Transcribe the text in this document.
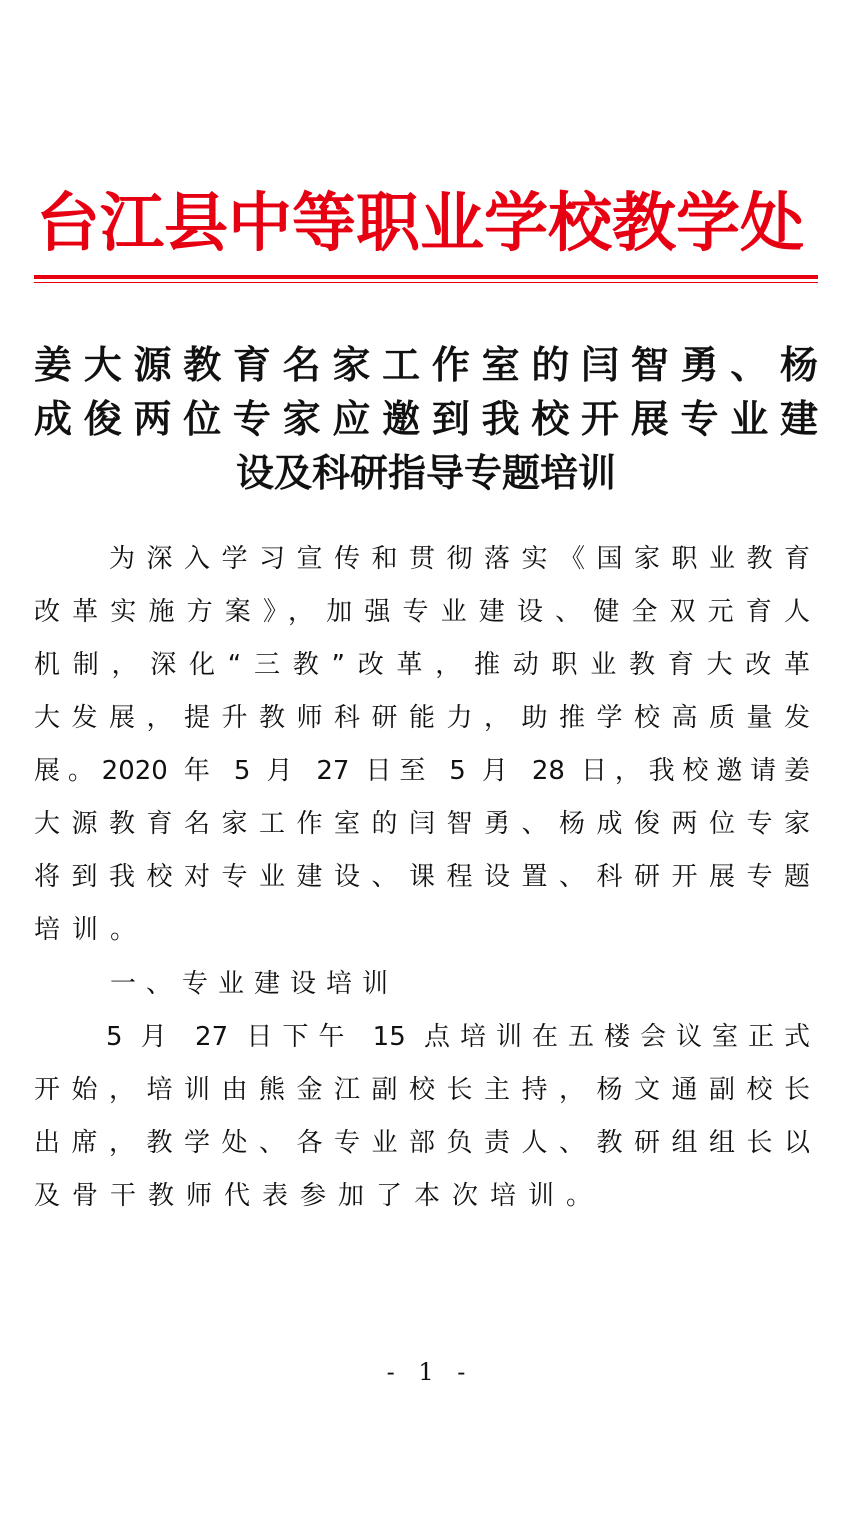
台江县中等职业学校教学处
姜大源教育名家工作室的闫智勇、杨
成俊两位专家应邀到我校开展专业建
设及科研指导专题培训
　　为深入学习宣传和贯彻落实《国家职业教育
改革实施方案》，加强专业建设、健全双元育人
机制，深化“三教”改革，推动职业教育大改革
大发展，提升教师科研能力，助推学校高质量发
展。2020 年 5 月 27 日至 5 月 28 日，我校邀请姜
大源教育名家工作室的闫智勇、杨成俊两位专家
将到我校对专业建设、课程设置、科研开展专题
培训。
一、专业建设培训
　　5 月 27 日下午 15 点培训在五楼会议室正式
开始，培训由熊金江副校长主持，杨文通副校长
出席，教学处、各专业部负责人、教研组组长以
及骨干教师代表参加了本次培训。
- 1 -
